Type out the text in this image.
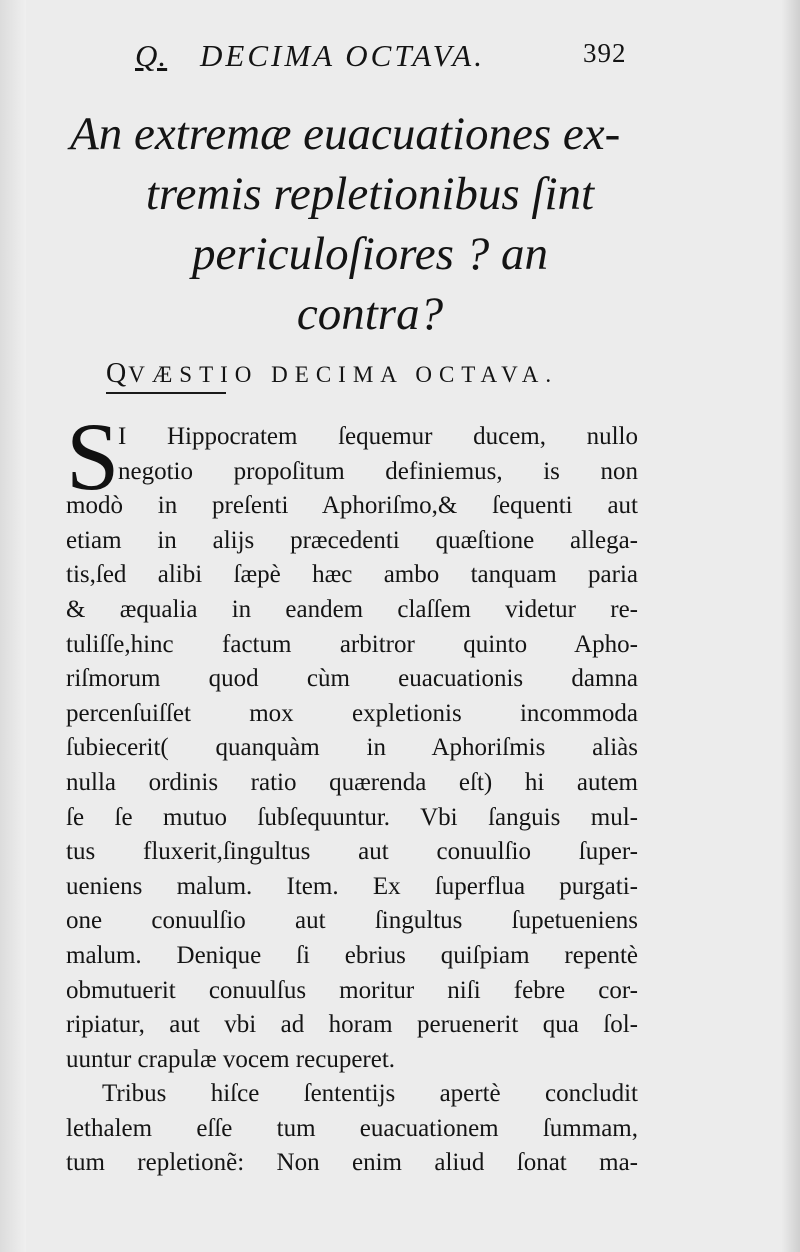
Q. DECIMA OCTAVA.	392
An extremæ euacuationes ex-
tremis repletionibus ſint
periculoſiores ? an
contra?
QVÆSTIO DECIMA OCTAVA.
S
I Hippocratem ſequemur ducem, nullo
negotio propoſitum definiemus, is non
modò in preſenti Aphoriſmo,& ſequenti aut
etiam in alijs præcedenti quæſtione allega-
tis,ſed alibi ſæpè hæc ambo tanquam paria
& æqualia in eandem claſſem videtur re-
tuliſſe,hinc factum arbitror quinto Apho-
riſmorum quod cùm euacuationis damna
percenſuiſſet mox expletionis incommoda
ſubiecerit( quanquàm in Aphoriſmis aliàs
nulla ordinis ratio quærenda eſt) hi autem
ſe ſe mutuo ſubſequuntur. Vbi ſanguis mul-
tus fluxerit,ſingultus aut conuulſio ſuper-
ueniens malum. Item. Ex ſuperflua purgati-
one conuulſio aut ſingultus ſupetueniens
malum. Denique ſi ebrius quiſpiam repentè
obmutuerit conuulſus moritur niſi febre cor-
ripiatur, aut vbi ad horam peruenerit qua ſol-
uuntur crapulæ vocem recuperet.
Tribus hiſce ſententijs apertè concludit
lethalem eſſe tum euacuationem ſummam,
tum repletionẽ: Non enim aliud ſonat ma-
